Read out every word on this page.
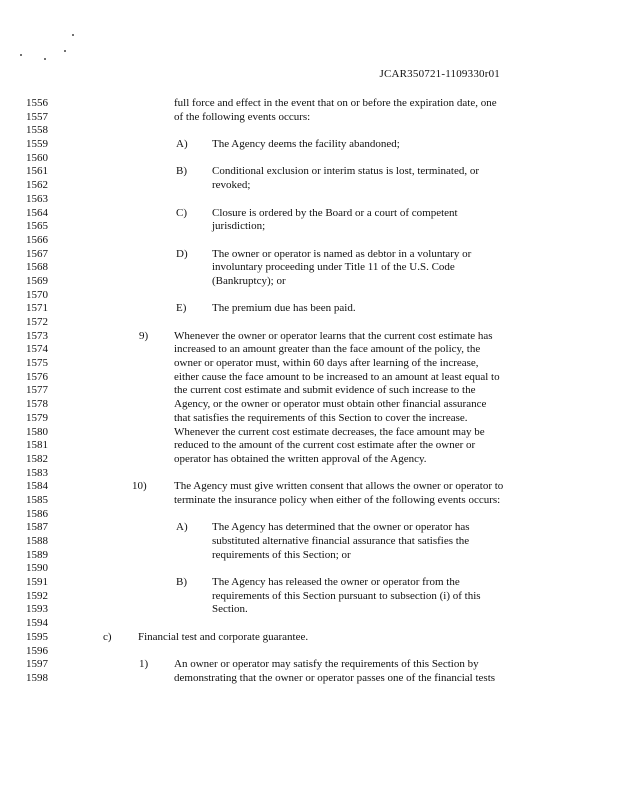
JCAR350721-1109330r01
1556	full force and effect in the event that on or before the expiration date, one
1557	of the following events occurs:
1558
1559	A) The Agency deems the facility abandoned;
1560
1561	B) Conditional exclusion or interim status is lost, terminated, or
1562	revoked;
1563
1564	C) Closure is ordered by the Board or a court of competent
1565	jurisdiction;
1566
1567	D) The owner or operator is named as debtor in a voluntary or
1568	involuntary proceeding under Title 11 of the U.S. Code
1569	(Bankruptcy); or
1570
1571	E) The premium due has been paid.
1572
1573	9) Whenever the owner or operator learns that the current cost estimate has
1574	increased to an amount greater than the face amount of the policy, the
1575	owner or operator must, within 60 days after learning of the increase,
1576	either cause the face amount to be increased to an amount at least equal to
1577	the current cost estimate and submit evidence of such increase to the
1578	Agency, or the owner or operator must obtain other financial assurance
1579	that satisfies the requirements of this Section to cover the increase.
1580	Whenever the current cost estimate decreases, the face amount may be
1581	reduced to the amount of the current cost estimate after the owner or
1582	operator has obtained the written approval of the Agency.
1583
1584	10) The Agency must give written consent that allows the owner or operator to
1585	terminate the insurance policy when either of the following events occurs:
1586
1587	A) The Agency has determined that the owner or operator has
1588	substituted alternative financial assurance that satisfies the
1589	requirements of this Section; or
1590
1591	B) The Agency has released the owner or operator from the
1592	requirements of this Section pursuant to subsection (i) of this
1593	Section.
1594
1595	c) Financial test and corporate guarantee.
1596
1597	1) An owner or operator may satisfy the requirements of this Section by
1598	demonstrating that the owner or operator passes one of the financial tests
